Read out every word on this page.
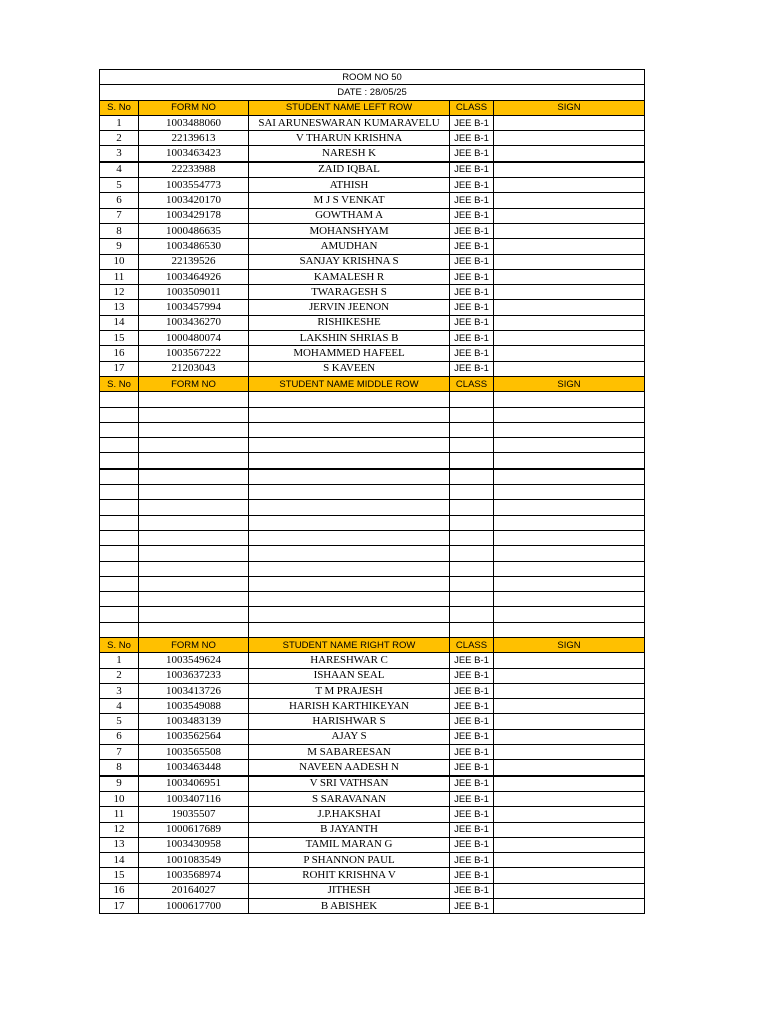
ROOM NO 50				
DATE : 28/05/25				
S. No	FORM NO	STUDENT NAME LEFT ROW	CLASS	SIGN
1	1003488060	SAI ARUNESWARAN KUMARAVELU	JEE B-1	
2	22139613	V THARUN KRISHNA	JEE B-1	
3	1003463423	NARESH K	JEE B-1	
4	22233988	ZAID IQBAL	JEE B-1	
5	1003554773	ATHISH	JEE B-1	
6	1003420170	M J S VENKAT	JEE B-1	
7	1003429178	GOWTHAM A	JEE B-1	
8	1000486635	MOHANSHYAM	JEE B-1	
9	1003486530	AMUDHAN	JEE B-1	
10	22139526	SANJAY KRISHNA S	JEE B-1	
11	1003464926	KAMALESH R	JEE B-1	
12	1003509011	TWARAGESH S	JEE B-1	
13	1003457994	JERVIN JEENON	JEE B-1	
14	1003436270	RISHIKESHE	JEE B-1	
15	1000480074	LAKSHIN SHRIAS B	JEE B-1	
16	1003567222	MOHAMMED HAFEEL	JEE B-1	
17	21203043	S KAVEEN	JEE B-1	
S. No	FORM NO	STUDENT NAME MIDDLE ROW	CLASS	SIGN

S. No	FORM NO	STUDENT NAME RIGHT ROW	CLASS	SIGN
1	1003549624	HARESHWAR C	JEE B-1	
2	1003637233	ISHAAN SEAL	JEE B-1	
3	1003413726	T M PRAJESH	JEE B-1	
4	1003549088	HARISH KARTHIKEYAN	JEE B-1	
5	1003483139	HARISHWAR S	JEE B-1	
6	1003562564	AJAY S	JEE B-1	
7	1003565508	M SABAREESAN	JEE B-1	
8	1003463448	NAVEEN AADESH N	JEE B-1	
9	1003406951	V SRI VATHSAN	JEE B-1	
10	1003407116	S SARAVANAN	JEE B-1	
11	19035507	J.P.HAKSHAI	JEE B-1	
12	1000617689	B JAYANTH	JEE B-1	
13	1003430958	TAMIL MARAN G	JEE B-1	
14	1001083549	P SHANNON PAUL	JEE B-1	
15	1003568974	ROHIT KRISHNA V	JEE B-1	
16	20164027	JITHESH	JEE B-1	
17	1000617700	B ABISHEK	JEE B-1	
